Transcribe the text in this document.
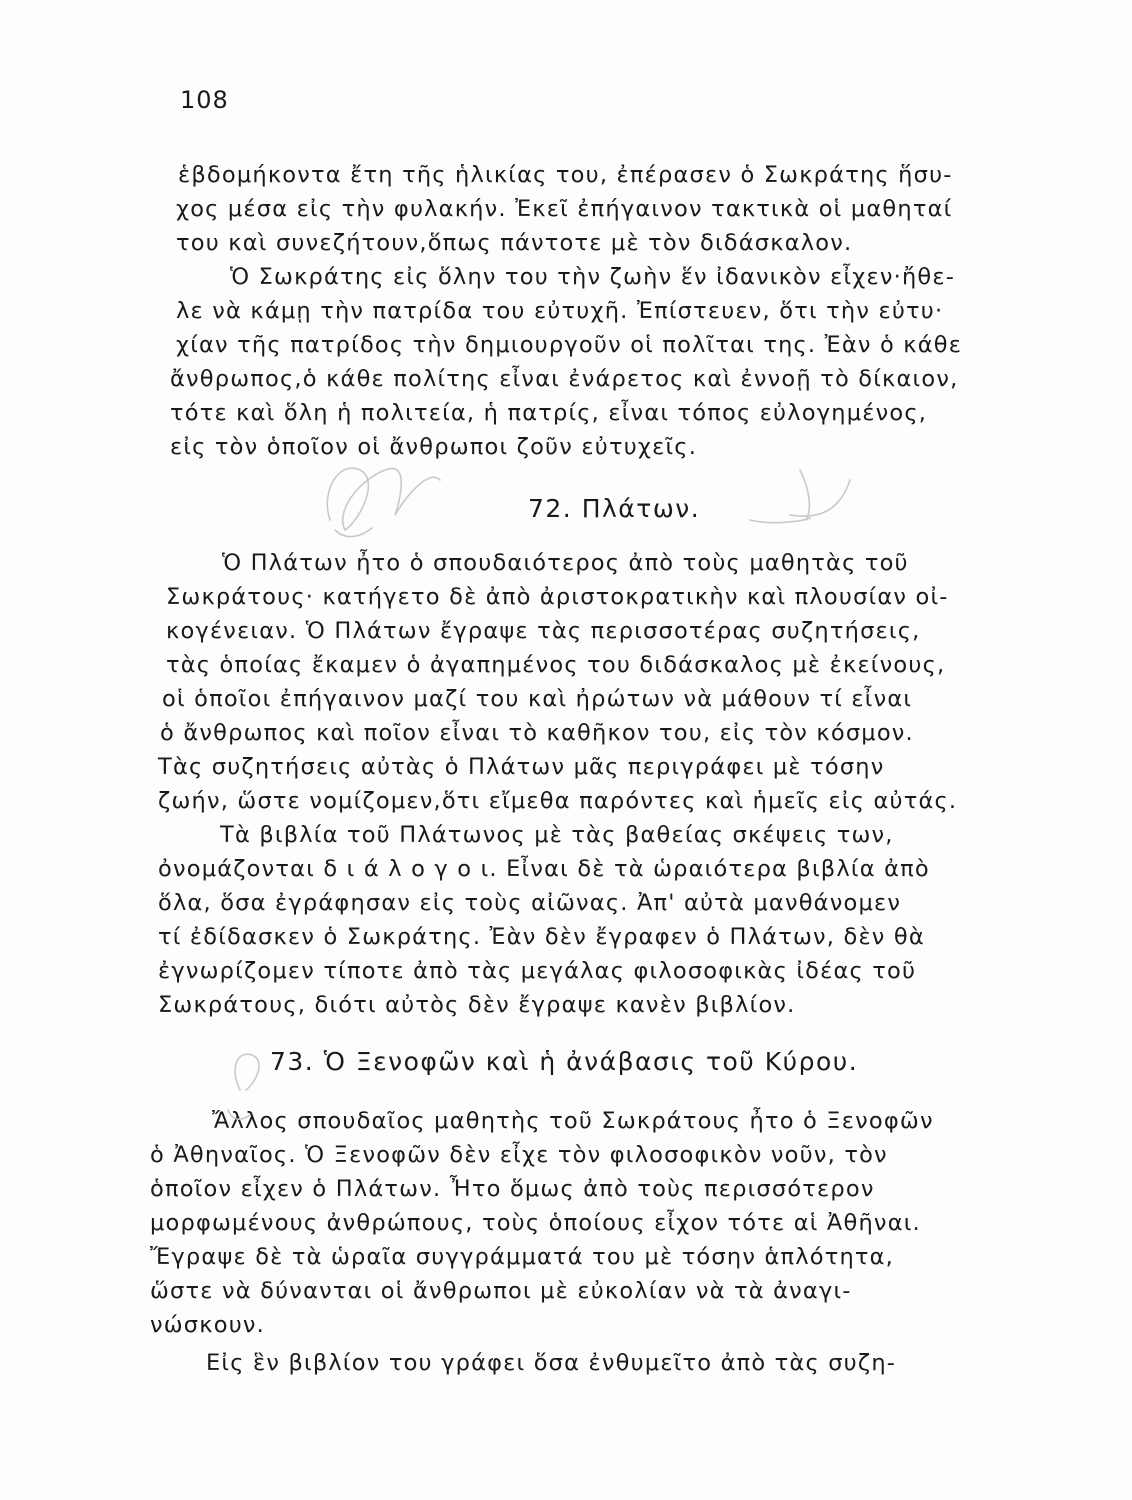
108
ἑβδομήκοντα ἔτη τῆς ἡλικίας του, ἐπέρασεν ὁ Σωκράτης ἥσυ-
χος μέσα εἰς τὴν φυλακήν. Ἐκεῖ ἐπήγαινον τακτικὰ οἱ μαθηταί
του καὶ συνεζήτουν,ὅπως πάντοτε μὲ τὸν διδάσκαλον.
Ὁ Σωκράτης εἰς ὅλην του τὴν ζωὴν ἕν ἰδανικὸν εἶχεν·ἤθε-
λε νὰ κάμῃ τὴν πατρίδα του εὐτυχῆ. Ἐπίστευεν, ὅτι τὴν εὐτυ·
χίαν τῆς πατρίδος τὴν δημιουργοῦν οἱ πολῖται της. Ἐὰν ὁ κάθε
ἄνθρωπος,ὁ κάθε πολίτης εἶναι ἐνάρετος καὶ ἐννοῇ τὸ δίκαιον,
τότε καὶ ὅλη ἡ πολιτεία, ἡ πατρίς, εἶναι τόπος εὐλογημένος,
εἰς τὸν ὁποῖον οἱ ἄνθρωποι ζοῦν εὐτυχεῖς.
72. Πλάτων.
Ὁ Πλάτων ἦτο ὁ σπουδαιότερος ἀπὸ τοὺς μαθητὰς τοῦ
Σωκράτους· κατήγετο δὲ ἀπὸ ἀριστοκρατικὴν καὶ πλουσίαν οἰ-
κογένειαν. Ὁ Πλάτων ἔγραψε τὰς περισσοτέρας συζητήσεις,
τὰς ὁποίας ἔκαμεν ὁ ἀγαπημένος του διδάσκαλος μὲ ἐκείνους,
οἱ ὁποῖοι ἐπήγαινον μαζί του καὶ ἠρώτων νὰ μάθουν τί εἶναι
ὁ ἄνθρωπος καὶ ποῖον εἶναι τὸ καθῆκον του, εἰς τὸν κόσμον.
Τὰς συζητήσεις αὐτὰς ὁ Πλάτων μᾶς περιγράφει μὲ τόσην
ζωήν, ὥστε νομίζομεν,ὅτι εἴμεθα παρόντες καὶ ἡμεῖς εἰς αὐτάς.
Τὰ βιβλία τοῦ Πλάτωνος μὲ τὰς βαθείας σκέψεις των,
ὀνομάζονται δ ι ά λ ο γ ο ι. Εἶναι δὲ τὰ ὡραιότερα βιβλία ἀπὸ
ὅλα, ὅσα ἐγράφησαν εἰς τοὺς αἰῶνας. Ἀπ' αὐτὰ μανθάνομεν
τί ἐδίδασκεν ὁ Σωκράτης. Ἐὰν δὲν ἔγραφεν ὁ Πλάτων, δὲν θὰ
ἐγνωρίζομεν τίποτε ἀπὸ τὰς μεγάλας φιλοσοφικὰς ἰδέας τοῦ
Σωκράτους, διότι αὐτὸς δὲν ἔγραψε κανὲν βιβλίον.
73. Ὁ Ξενοφῶν καὶ ἡ ἀνάβασις τοῦ Κύρου.
Ἄλλος σπουδαῖος μαθητὴς τοῦ Σωκράτους ἦτο ὁ Ξενοφῶν
ὁ Ἀθηναῖος. Ὁ Ξενοφῶν δὲν εἶχε τὸν φιλοσοφικὸν νοῦν, τὸν
ὁποῖον εἶχεν ὁ Πλάτων. Ἦτο ὅμως ἀπὸ τοὺς περισσότερον
μορφωμένους ἀνθρώπους, τοὺς ὁποίους εἶχον τότε αἱ Ἀθῆναι.
Ἔγραψε δὲ τὰ ὡραῖα συγγράμματά του μὲ τόσην ἁπλότητα,
ὥστε νὰ δύνανται οἱ ἄνθρωποι μὲ εὐκολίαν νὰ τὰ ἀναγι-
νώσκουν.
Εἰς ἓν βιβλίον του γράφει ὅσα ἐνθυμεῖτο ἀπὸ τὰς συζη-
